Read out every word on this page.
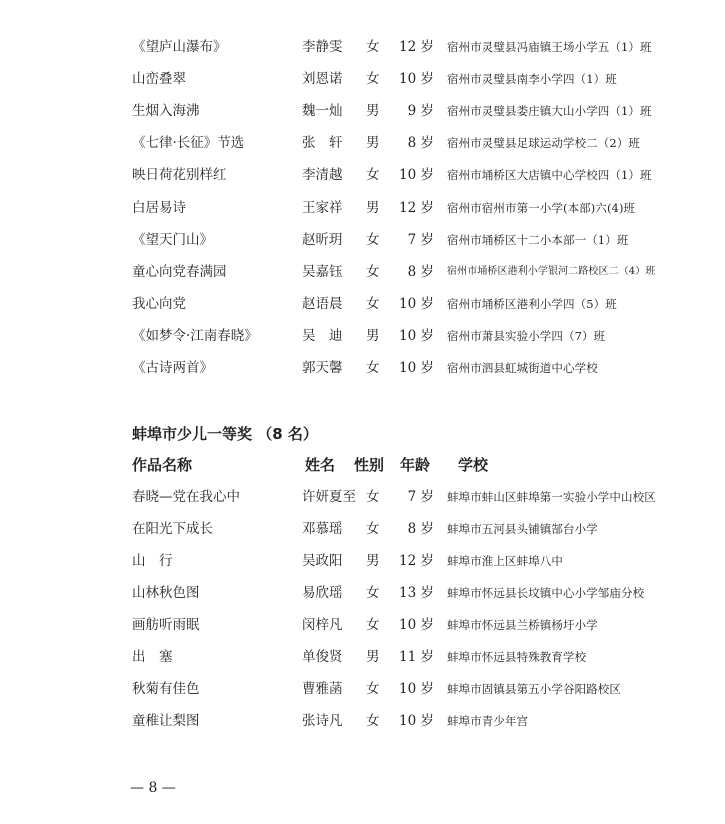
《望庐山瀑布》	李静雯 女 12 岁 宿州市灵璧县冯庙镇王场小学五（1）班
山峦叠翠	刘恩诺 女 10 岁 宿州市灵璧县南李小学四（1）班
生烟入海沸	魏一灿 男	9 岁 宿州市灵璧县娄庄镇大山小学四（1）班
《七律·长征》节选	张　轩 男	8 岁 宿州市灵璧县足球运动学校二（2）班
映日荷花别样红	李清越 女 10 岁 宿州市埇桥区大店镇中心学校四（1）班
白居易诗	王家祥 男 12 岁 宿州市宿州市第一小学(本部)六(4)班
《望天门山》	赵昕玥 女	7 岁 宿州市埇桥区十二小本部一（1）班
童心向党春满园	吴嘉钰 女	8 岁 宿州市埇桥区港利小学银河二路校区二（4）班
我心向党	赵语晨 女 10 岁 宿州市埇桥区港利小学四（5）班
《如梦令·江南春晓》	吴　迪 男 10 岁 宿州市萧县实验小学四（7）班
《古诗两首》	郭天馨 女 10 岁 宿州市泗县虹城街道中心学校
蚌埠市少儿一等奖 （8 名）
作品名称	姓名 性别 年龄 学校
春晓—党在我心中	许妍夏至 女	7 岁 蚌埠市蚌山区蚌埠第一实验小学中山校区
在阳光下成长	邓慕瑶 女	8 岁 蚌埠市五河县头铺镇郜台小学
山　行	吴政阳 男 12 岁 蚌埠市淮上区蚌埠八中
山林秋色图	易欣瑶 女 13 岁 蚌埠市怀远县长坟镇中心小学邹庙分校
画舫听雨眠	闵梓凡 女 10 岁 蚌埠市怀远县兰桥镇杨圩小学
出　塞	单俊贤 男 11 岁 蚌埠市怀远县特殊教育学校
秋菊有佳色	曹雅菡 女 10 岁 蚌埠市固镇县第五小学谷阳路校区
童稚让梨图	张诗凡 女 10 岁 蚌埠市青少年宫
— 8 —
